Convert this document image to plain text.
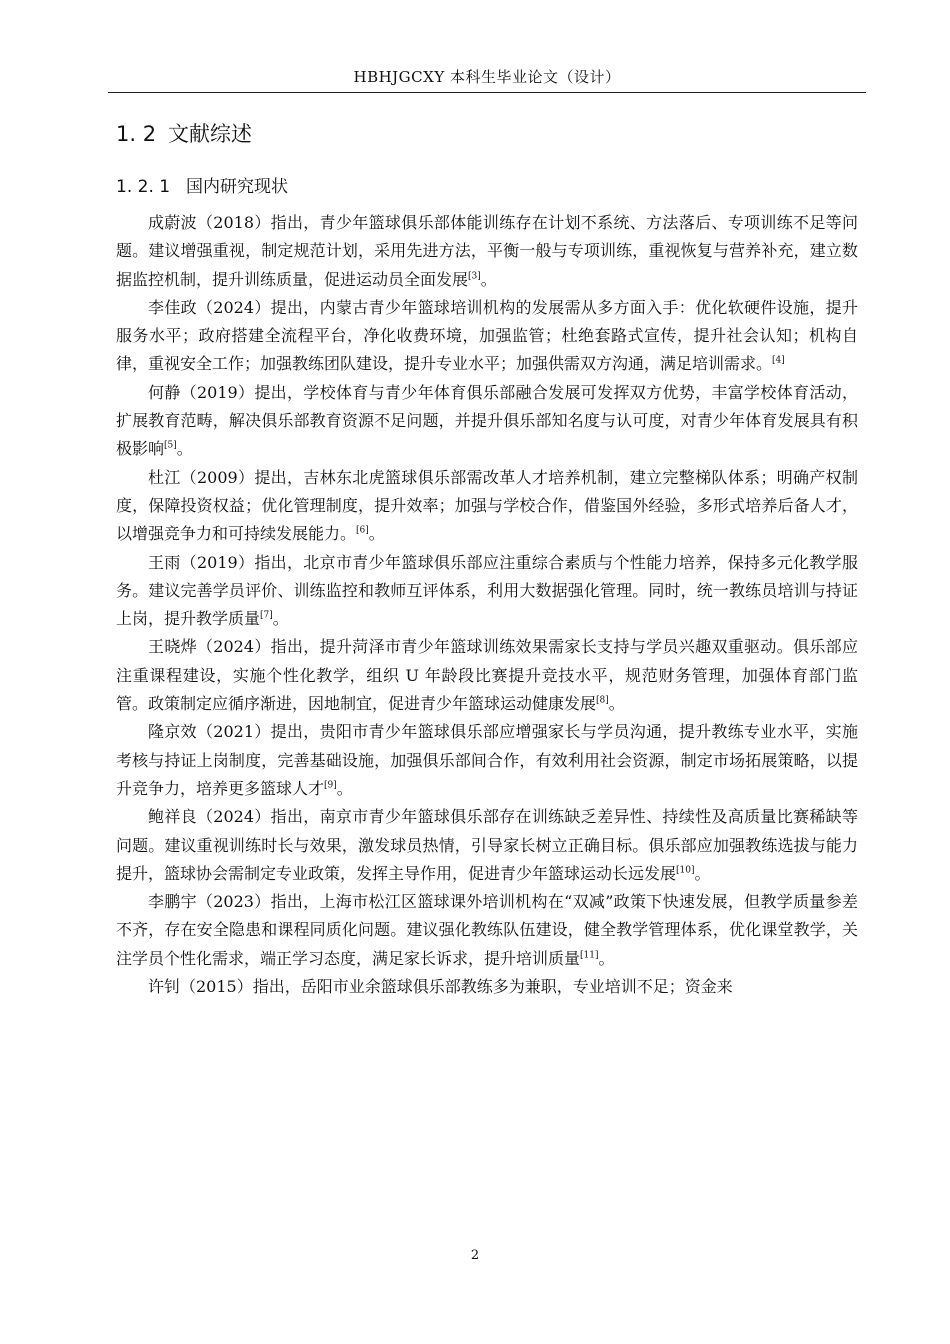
HBHJGCXY 本科生毕业论文（设计）
1. 2 文献综述
1. 2. 1 国内研究现状

成蔚波（2018）指出，青少年篮球俱乐部体能训练存在计划不系统、方法落后、专项训练不足等问题。建议增强重视，制定规范计划，采用先进方法，平衡一般与专项训练，重视恢复与营养补充，建立数据监控机制，提升训练质量，促进运动员全面发展[3]。

李佳政（2024）提出，内蒙古青少年篮球培训机构的发展需从多方面入手：优化软硬件设施，提升服务水平；政府搭建全流程平台，净化收费环境，加强监管；杜绝套路式宣传，提升社会认知；机构自律，重视安全工作；加强教练团队建设，提升专业水平；加强供需双方沟通，满足培训需求。[4]

何静（2019）提出，学校体育与青少年体育俱乐部融合发展可发挥双方优势，丰富学校体育活动，扩展教育范畴，解决俱乐部教育资源不足问题，并提升俱乐部知名度与认可度，对青少年体育发展具有积极影响[5]。

杜江（2009）提出，吉林东北虎篮球俱乐部需改革人才培养机制，建立完整梯队体系；明确产权制度，保障投资权益；优化管理制度，提升效率；加强与学校合作，借鉴国外经验，多形式培养后备人才，以增强竞争力和可持续发展能力。[6]。

王雨（2019）指出，北京市青少年篮球俱乐部应注重综合素质与个性能力培养，保持多元化教学服务。建议完善学员评价、训练监控和教师互评体系，利用大数据强化管理。同时，统一教练员培训与持证上岗，提升教学质量[7]。

王晓烨（2024）指出，提升菏泽市青少年篮球训练效果需家长支持与学员兴趣双重驱动。俱乐部应注重课程建设，实施个性化教学，组织 U 年龄段比赛提升竞技水平，规范财务管理，加强体育部门监管。政策制定应循序渐进，因地制宜，促进青少年篮球运动健康发展[8]。

隆京效（2021）提出，贵阳市青少年篮球俱乐部应增强家长与学员沟通，提升教练专业水平，实施考核与持证上岗制度，完善基础设施，加强俱乐部间合作，有效利用社会资源，制定市场拓展策略，以提升竞争力，培养更多篮球人才[9]。

鲍祥良（2024）指出，南京市青少年篮球俱乐部存在训练缺乏差异性、持续性及高质量比赛稀缺等问题。建议重视训练时长与效果，激发球员热情，引导家长树立正确目标。俱乐部应加强教练选拔与能力提升，篮球协会需制定专业政策，发挥主导作用，促进青少年篮球运动长远发展[10]。

李鹏宇（2023）指出，上海市松江区篮球课外培训机构在“双减”政策下快速发展，但教学质量参差不齐，存在安全隐患和课程同质化问题。建议强化教练队伍建设，健全教学管理体系，优化课堂教学，关注学员个性化需求，端正学习态度，满足家长诉求，提升培训质量[11]。

许钊（2015）指出，岳阳市业余篮球俱乐部教练多为兼职，专业培训不足；资金来

2
